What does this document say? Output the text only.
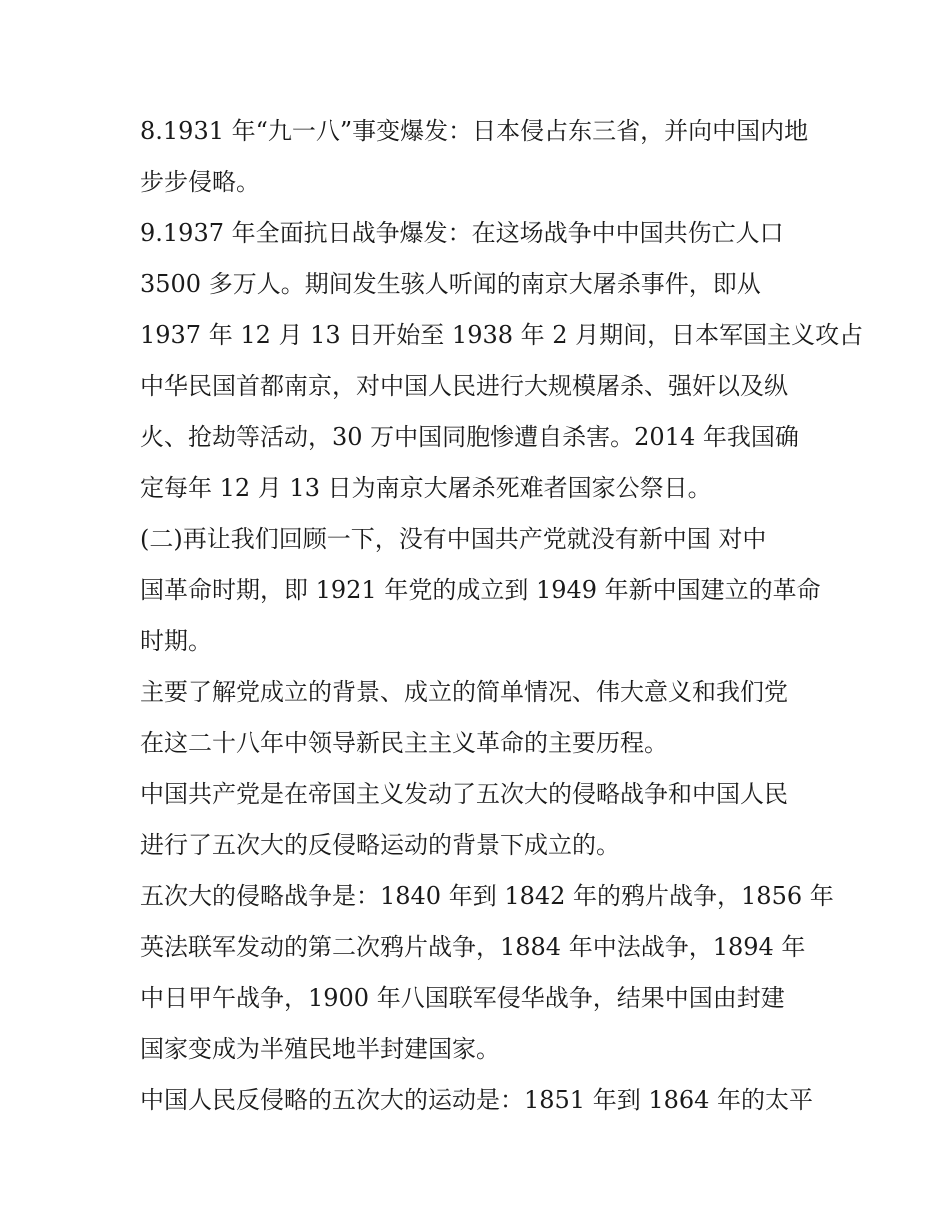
8.1931 年“九一八”事变爆发：日本侵占东三省，并向中国内地
步步侵略。
9.1937 年全面抗日战争爆发：在这场战争中中国共伤亡人口
3500 多万人。期间发生骇人听闻的南京大屠杀事件，即从
1937 年 12 月 13 日开始至 1938 年 2 月期间，日本军国主义攻占
中华民国首都南京，对中国人民进行大规模屠杀、强奸以及纵
火、抢劫等活动，30 万中国同胞惨遭自杀害。2014 年我国确
定每年 12 月 13 日为南京大屠杀死难者国家公祭日。
(二)再让我们回顾一下，没有中国共产党就没有新中国 对中
国革命时期，即 1921 年党的成立到 1949 年新中国建立的革命
时期。
主要了解党成立的背景、成立的简单情况、伟大意义和我们党
在这二十八年中领导新民主主义革命的主要历程。
中国共产党是在帝国主义发动了五次大的侵略战争和中国人民
进行了五次大的反侵略运动的背景下成立的。
五次大的侵略战争是：1840 年到 1842 年的鸦片战争，1856 年
英法联军发动的第二次鸦片战争，1884 年中法战争，1894 年
中日甲午战争，1900 年八国联军侵华战争，结果中国由封建
国家变成为半殖民地半封建国家。
中国人民反侵略的五次大的运动是：1851 年到 1864 年的太平
